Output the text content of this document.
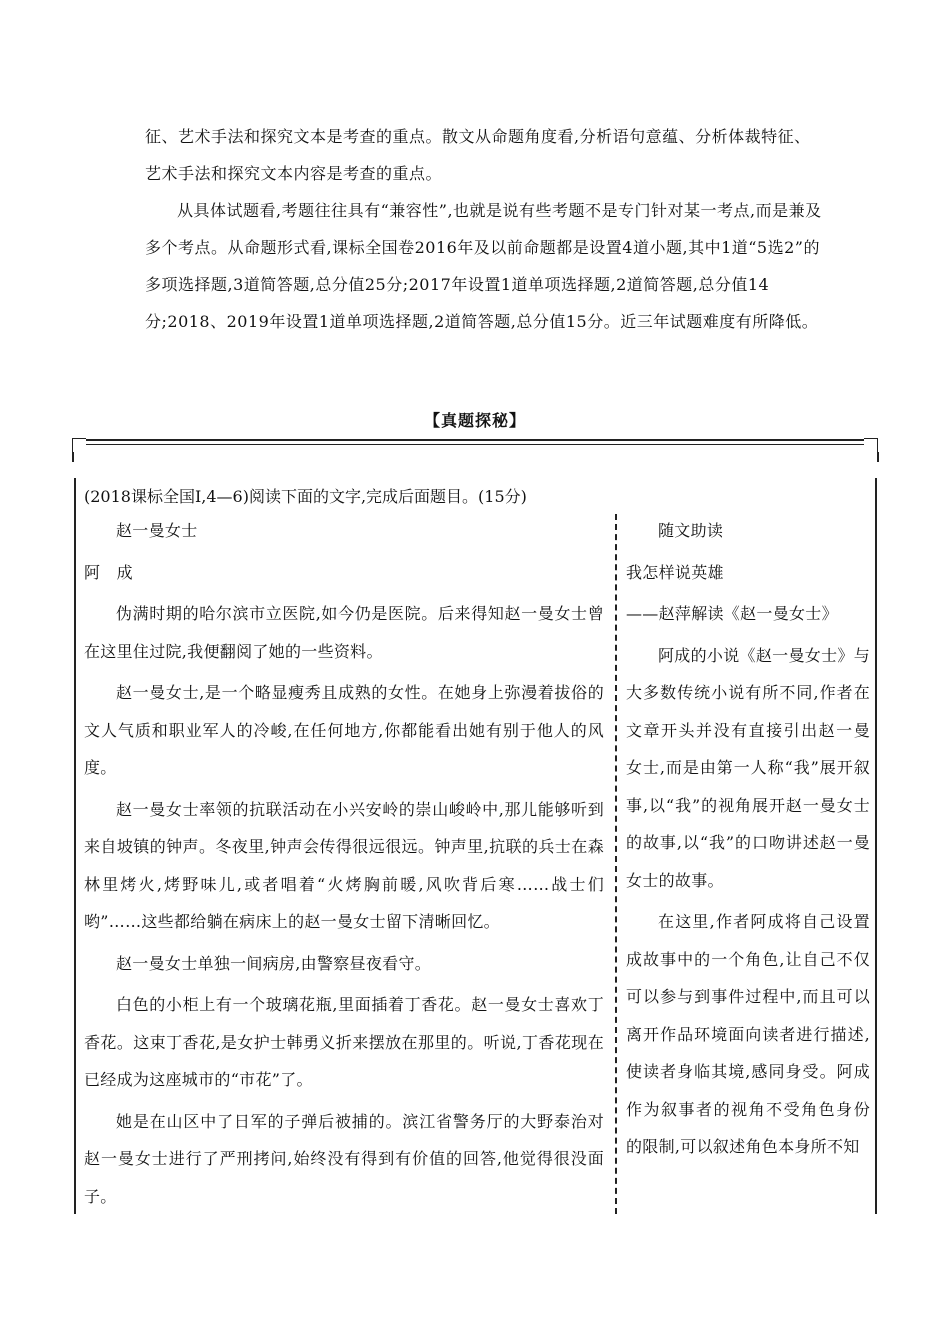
征、艺术手法和探究文本是考查的重点。散文从命题角度看,分析语句意蕴、分析体裁特征、艺术手法和探究文本内容是考查的重点。

从具体试题看,考题往往具有“兼容性”,也就是说有些考题不是专门针对某一考点,而是兼及多个考点。从命题形式看,课标全国卷2016年及以前命题都是设置4道小题,其中1道“5选2”的多项选择题,3道简答题,总分值25分;2017年设置1道单项选择题,2道简答题,总分值14分;2018、2019年设置1道单项选择题,2道简答题,总分值15分。近三年试题难度有所降低。

【真题探秘】
(2018课标全国Ⅰ,4—6)阅读下面的文字,完成后面题目。(15分)

赵一曼女士

阿　成

伪满时期的哈尔滨市立医院,如今仍是医院。后来得知赵一曼女士曾在这里住过院,我便翻阅了她的一些资料。

赵一曼女士,是一个略显瘦秀且成熟的女性。在她身上弥漫着拔俗的文人气质和职业军人的冷峻,在任何地方,你都能看出她有别于他人的风度。

赵一曼女士率领的抗联活动在小兴安岭的崇山峻岭中,那儿能够听到来自坡镇的钟声。冬夜里,钟声会传得很远很远。钟声里,抗联的兵士在森林里烤火,烤野味儿,或者唱着“火烤胸前暖,风吹背后寒……战士们哟”……这些都给躺在病床上的赵一曼女士留下清晰回忆。

赵一曼女士单独一间病房,由警察昼夜看守。

白色的小柜上有一个玻璃花瓶,里面插着丁香花。赵一曼女士喜欢丁香花。这束丁香花,是女护士韩勇义折来摆放在那里的。听说,丁香花现在已经成为这座城市的“市花”了。

她是在山区中了日军的子弹后被捕的。滨江省警务厅的大野泰治对赵一曼女士进行了严刑拷问,始终没有得到有价值的回答,他觉得很没面子。

随文助读

我怎样说英雄

——赵萍解读《赵一曼女士》

阿成的小说《赵一曼女士》与大多数传统小说有所不同,作者在文章开头并没有直接引出赵一曼女士,而是由第一人称“我”展开叙事,以“我”的视角展开赵一曼女士的故事,以“我”的口吻讲述赵一曼女士的故事。

在这里,作者阿成将自己设置成故事中的一个角色,让自己不仅可以参与到事件过程中,而且可以离开作品环境面向读者进行描述,使读者身临其境,感同身受。阿成作为叙事者的视角不受角色身份的限制,可以叙述角色本身所不知
